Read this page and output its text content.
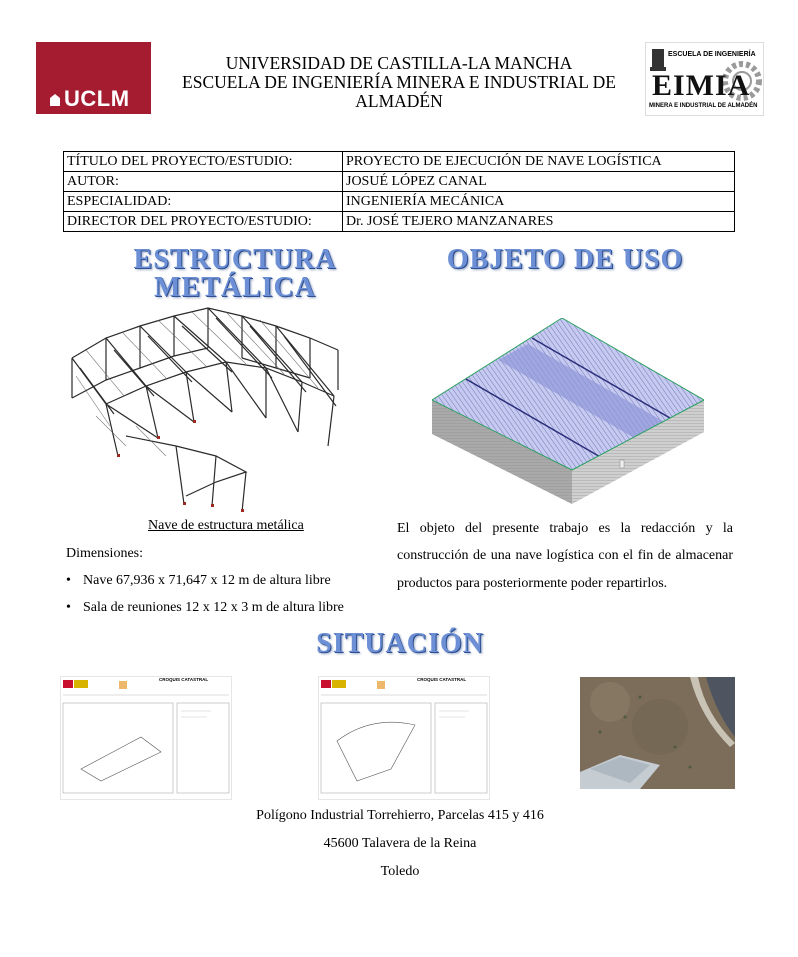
UCLM
UNIVERSIDAD DE CASTILLA-LA MANCHA
ESCUELA DE INGENIERÍA MINERA E INDUSTRIAL DE
ALMADÉN
ESCUELA DE INGENIERÍA
EIMIA
MINERA E INDUSTRIAL DE ALMADÉN
TÍTULO DEL PROYECTO/ESTUDIO:	PROYECTO DE EJECUCIÓN DE NAVE LOGÍSTICA
AUTOR:	JOSUÉ LÓPEZ CANAL
ESPECIALIDAD:	INGENIERÍA MECÁNICA
DIRECTOR DEL PROYECTO/ESTUDIO:	Dr. JOSÉ TEJERO MANZANARES
ESTRUCTURA
METÁLICA
OBJETO DE USO
Nave de estructura metálica
Dimensiones:
• Nave 67,936 x 71,647 x 12 m de altura libre
• Sala de reuniones 12 x 12 x 3 m de altura libre
El objeto del presente trabajo es la redacción y la construcción de una nave logística con el fin de almacenar productos para posteriormente poder repartirlos.
SITUACIÓN
CROQUIS CATASTRAL	CROQUIS CATASTRAL
Polígono Industrial Torrehierro, Parcelas 415 y 416
45600 Talavera de la Reina
Toledo
